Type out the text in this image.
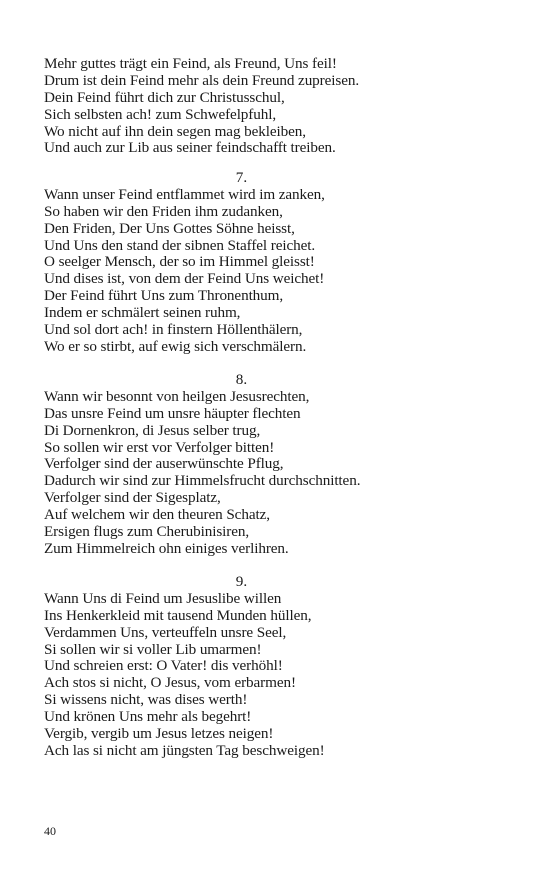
Mehr guttes trägt ein Feind, als Freund, Uns feil!
Drum ist dein Feind mehr als dein Freund zupreisen.
Dein Feind führt dich zur Christusschul,
Sich selbsten ach! zum Schwefelpfuhl,
Wo nicht auf ihn dein segen mag bekleiben,
Und auch zur Lib aus seiner feindschafft treiben.
7.
Wann unser Feind entflammet wird im zanken,
So haben wir den Friden ihm zudanken,
Den Friden, Der Uns Gottes Söhne heisst,
Und Uns den stand der sibnen Staffel reichet.
O seelger Mensch, der so im Himmel gleisst!
Und dises ist, von dem der Feind Uns weichet!
Der Feind führt Uns zum Thronenthum,
Indem er schmälert seinen ruhm,
Und sol dort ach! in finstern Höllenthälern,
Wo er so stirbt, auf ewig sich verschmälern.
8.
Wann wir besonnt von heilgen Jesusrechten,
Das unsre Feind um unsre häupter flechten
Di Dornenkron, di Jesus selber trug,
So sollen wir erst vor Verfolger bitten!
Verfolger sind der auserwünschte Pflug,
Dadurch wir sind zur Himmelsfrucht durchschnitten.
Verfolger sind der Sigesplatz,
Auf welchem wir den theuren Schatz,
Ersigen flugs zum Cherubinisiren,
Zum Himmelreich ohn einiges verlihren.
9.
Wann Uns di Feind um Jesuslibe willen
Ins Henkerkleid mit tausend Munden hüllen,
Verdammen Uns, verteuffeln unsre Seel,
Si sollen wir si voller Lib umarmen!
Und schreien erst: O Vater! dis verhöhl!
Ach stos si nicht, O Jesus, vom erbarmen!
Si wissens nicht, was dises werth!
Und krönen Uns mehr als begehrt!
Vergib, vergib um Jesus letzes neigen!
Ach las si nicht am jüngsten Tag beschweigen!
40
